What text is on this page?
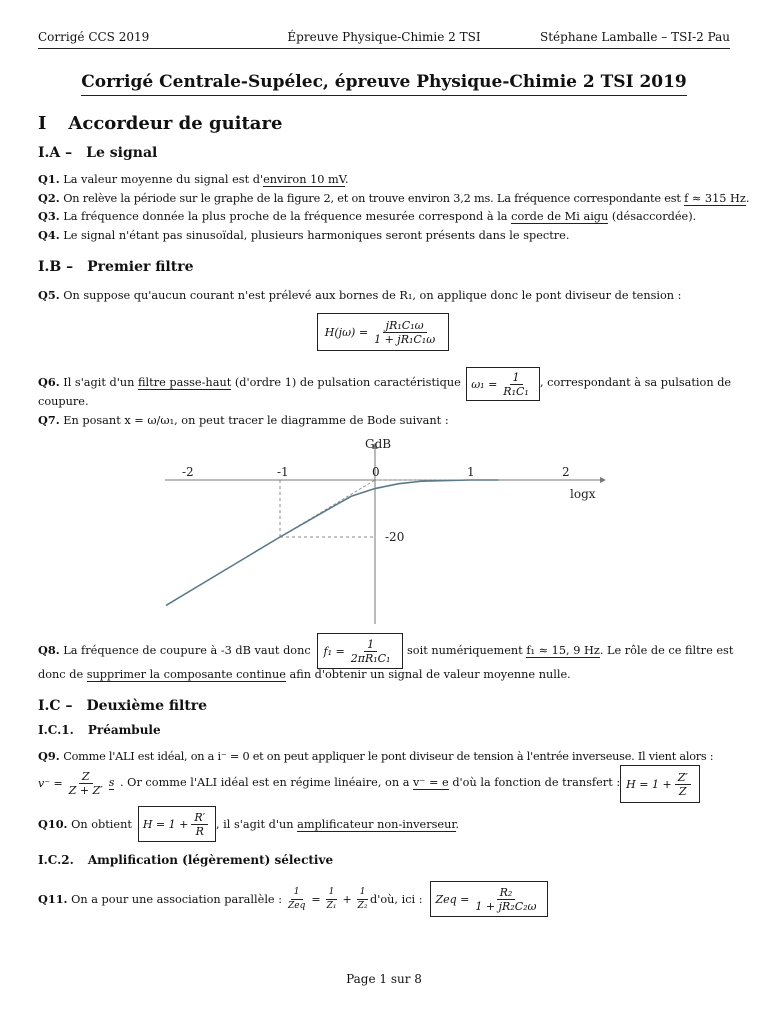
Corrigé CCS 2019	Épreuve Physique-Chimie 2 TSI	Stéphane Lamballe – TSI-2 Pau
Corrigé Centrale-Supélec, épreuve Physique-Chimie 2 TSI 2019
I Accordeur de guitare
I.A – Le signal
Q1. La valeur moyenne du signal est d'environ 10 mV.
Q2. On relève la période sur le graphe de la figure 2, et on trouve environ 3,2 ms. La fréquence correspondante est f ≈ 315 Hz.
Q3. La fréquence donnée la plus proche de la fréquence mesurée correspond à la corde de Mi aigu (désaccordée).
Q4. Le signal n'étant pas sinusoïdal, plusieurs harmoniques seront présents dans le spectre.
I.B – Premier filtre
Q5. On suppose qu'aucun courant n'est prélevé aux bornes de R₁, on applique donc le pont diviseur de tension :
$H(j\omega) = \frac{\text{jR₁C₁ω}}{\text{1 + jR₁C₁ω}}$
Q6. Il s'agit d'un filtre passe-haut (d'ordre 1) de pulsation caractéristique $\omega_1 = \frac{1}{\text{R₁C₁}}$ , correspondant à sa pulsation de
coupure.
Q7. En posant x = ω/ω₁, on peut tracer le diagramme de Bode suivant :
-2	-1	0	1	2
GdB
logx
-20
Q8. La fréquence de coupure à -3 dB vaut donc	$f_1 = \frac{1}{\text{2πR₁C₁}}$ soit numériquement f₁ ≈ 15, 9 Hz. Le rôle de ce filtre est
donc de supprimer la composante continue afin d'obtenir un signal de valeur moyenne nulle.
I.C – Deuxième filtre
I.C.1. Préambule
Q9. Comme l'ALI est idéal, on a i⁻ = 0 et on peut appliquer le pont diviseur de tension à l'entrée inverseuse. Il vient alors :
$v^- = \frac{Z}{Z + Z'}$ s . Or comme l'ALI idéal est en régime linéaire, on a v⁻ = e d'où la fonction de transfert : $H = 1 + \frac{Z'}{Z}$
Q10. On obtient $H = 1 + \frac{R'}{R}$ , il s'agit d'un amplificateur non-inverseur.
I.C.2. Amplification (légèrement) sélective
Q11. On a pour une association parallèle : $\frac{1}{\text{Zeq}} = \frac{1}{\text{Z₁}} + \frac{1}{\text{Z₂}}$ d'où, ici :	Zeq = $\frac{\text{R₂}}{\text{1 + jR₂C₂ω}}$
Page 1 sur 8
